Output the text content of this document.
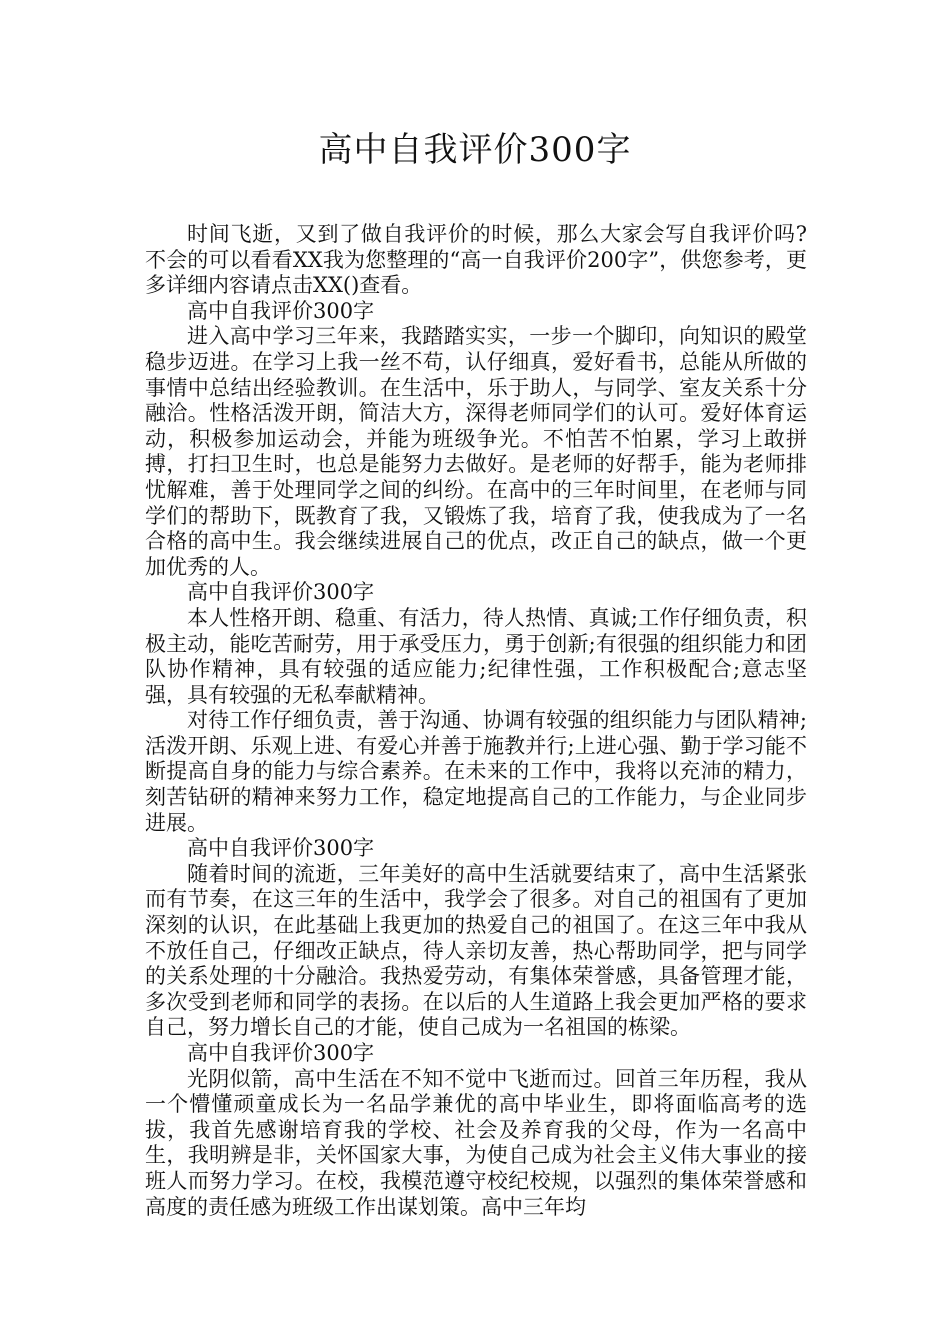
高中自我评价300字

时间飞逝，又到了做自我评价的时候，那么大家会写自我评价吗?不会的可以看看XX我为您整理的“高一自我评价200字”，供您参考，更多详细内容请点击XX()查看。

高中自我评价300字

进入高中学习三年来，我踏踏实实，一步一个脚印，向知识的殿堂稳步迈进。在学习上我一丝不苟，认仔细真，爱好看书，总能从所做的事情中总结出经验教训。在生活中，乐于助人，与同学、室友关系十分融洽。性格活泼开朗，简洁大方，深得老师同学们的认可。爱好体育运动，积极参加运动会，并能为班级争光。不怕苦不怕累，学习上敢拼搏，打扫卫生时，也总是能努力去做好。是老师的好帮手，能为老师排忧解难，善于处理同学之间的纠纷。在高中的三年时间里，在老师与同学们的帮助下，既教育了我，又锻炼了我，培育了我，使我成为了一名合格的高中生。我会继续进展自己的优点，改正自己的缺点，做一个更加优秀的人。

高中自我评价300字

本人性格开朗、稳重、有活力，待人热情、真诚;工作仔细负责，积极主动，能吃苦耐劳，用于承受压力，勇于创新;有很强的组织能力和团队协作精神，具有较强的适应能力;纪律性强，工作积极配合;意志坚强，具有较强的无私奉献精神。

对待工作仔细负责，善于沟通、协调有较强的组织能力与团队精神;活泼开朗、乐观上进、有爱心并善于施教并行;上进心强、勤于学习能不断提高自身的能力与综合素养。在未来的工作中，我将以充沛的精力，刻苦钻研的精神来努力工作，稳定地提高自己的工作能力，与企业同步进展。

高中自我评价300字

随着时间的流逝，三年美好的高中生活就要结束了，高中生活紧张而有节奏，在这三年的生活中，我学会了很多。对自己的祖国有了更加深刻的认识，在此基础上我更加的热爱自己的祖国了。在这三年中我从不放任自己，仔细改正缺点，待人亲切友善，热心帮助同学，把与同学的关系处理的十分融洽。我热爱劳动，有集体荣誉感，具备管理才能，多次受到老师和同学的表扬。在以后的人生道路上我会更加严格的要求自己，努力增长自己的才能，使自己成为一名祖国的栋梁。

高中自我评价300字

光阴似箭，高中生活在不知不觉中飞逝而过。回首三年历程，我从一个懵懂顽童成长为一名品学兼优的高中毕业生，即将面临高考的选拔，我首先感谢培育我的学校、社会及养育我的父母，作为一名高中生，我明辨是非，关怀国家大事，为使自己成为社会主义伟大事业的接班人而努力学习。在校，我模范遵守校纪校规，以强烈的集体荣誉感和高度的责任感为班级工作出谋划策。高中三年均
